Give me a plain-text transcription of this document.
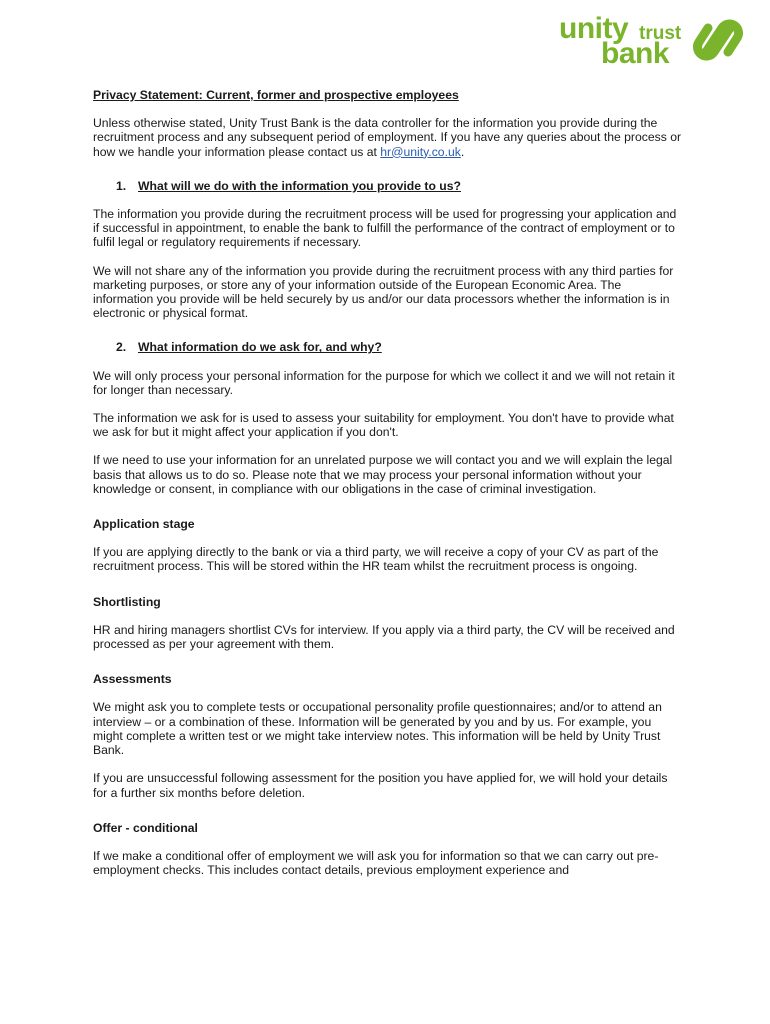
unity trust
bank

Privacy Statement: Current, former and prospective employees

Unless otherwise stated, Unity Trust Bank is the data controller for the information you provide during the recruitment process and any subsequent period of employment. If you have any queries about the process or how we handle your information please contact us at hr@unity.co.uk.

1. What will we do with the information you provide to us?

The information you provide during the recruitment process will be used for progressing your application and if successful in appointment, to enable the bank to fulfill the performance of the contract of employment or to fulfil legal or regulatory requirements if necessary.

We will not share any of the information you provide during the recruitment process with any third parties for marketing purposes, or store any of your information outside of the European Economic Area. The information you provide will be held securely by us and/or our data processors whether the information is in electronic or physical format.

2. What information do we ask for, and why?

We will only process your personal information for the purpose for which we collect it and we will not retain it for longer than necessary.

The information we ask for is used to assess your suitability for employment. You don't have to provide what we ask for but it might affect your application if you don't.

If we need to use your information for an unrelated purpose we will contact you and we will explain the legal basis that allows us to do so. Please note that we may process your personal information without your knowledge or consent, in compliance with our obligations in the case of criminal investigation.

Application stage

If you are applying directly to the bank or via a third party, we will receive a copy of your CV as part of the recruitment process. This will be stored within the HR team whilst the recruitment process is ongoing.

Shortlisting

HR and hiring managers shortlist CVs for interview. If you apply via a third party, the CV will be received and processed as per your agreement with them.

Assessments

We might ask you to complete tests or occupational personality profile questionnaires; and/or to attend an interview – or a combination of these. Information will be generated by you and by us. For example, you might complete a written test or we might take interview notes. This information will be held by Unity Trust Bank.

If you are unsuccessful following assessment for the position you have applied for, we will hold your details for a further six months before deletion.

Offer - conditional

If we make a conditional offer of employment we will ask you for information so that we can carry out pre-employment checks. This includes contact details, previous employment experience and
